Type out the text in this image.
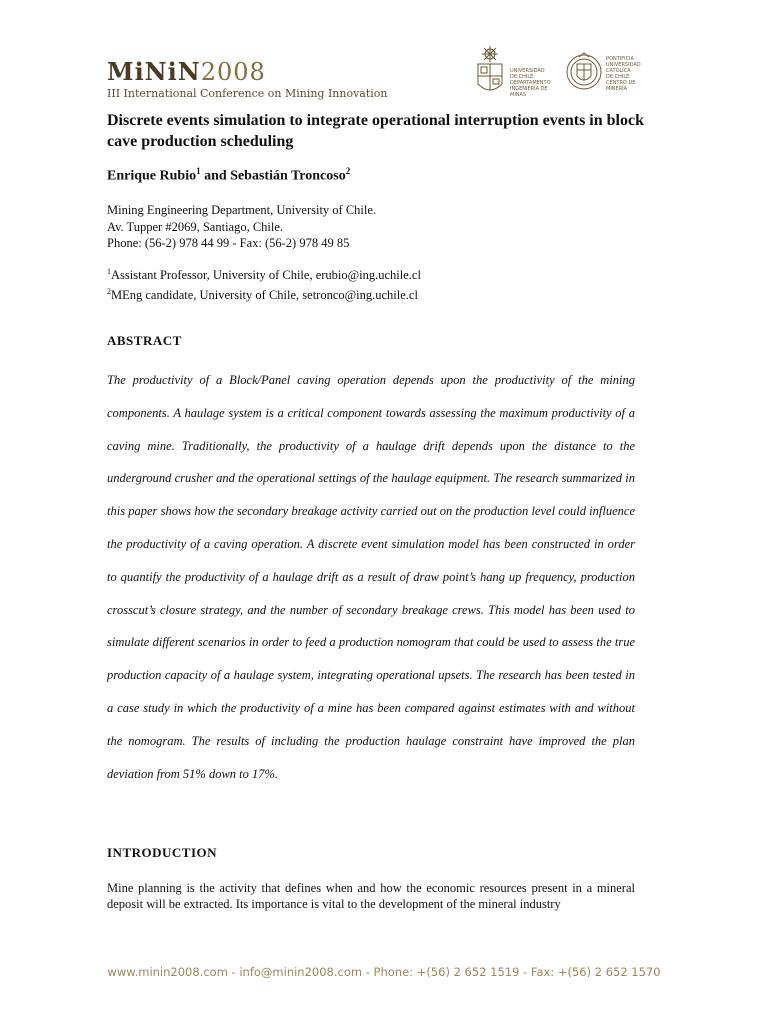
MiNiN2008
III International Conference on Mining Innovation
UNIVERSIDAD
DE CHILE
DEPARTAMENTO
INGENIERÍA DE MINAS
PONTIFICIA
UNIVERSIDAD
CATÓLICA
DE CHILE
CENTRO DE MINERÍA
Discrete events simulation to integrate operational interruption events in block cave production scheduling
Enrique Rubio$^1$ and Sebastián Troncoso$^2$
Mining Engineering Department, University of Chile.
Av. Tupper #2069, Santiago, Chile.
Phone: (56-2) 978 44 99 - Fax: (56-2) 978 49 85
$^1$Assistant Professor, University of Chile, erubio@ing.uchile.cl
$^2$MEng candidate, University of Chile, setronco@ing.uchile.cl
ABSTRACT
The productivity of a Block/Panel caving operation depends upon the productivity of the mining components. A haulage system is a critical component towards assessing the maximum productivity of a caving mine. Traditionally, the productivity of a haulage drift depends upon the distance to the underground crusher and the operational settings of the haulage equipment. The research summarized in this paper shows how the secondary breakage activity carried out on the production level could influence the productivity of a caving operation. A discrete event simulation model has been constructed in order to quantify the productivity of a haulage drift as a result of draw point’s hang up frequency, production crosscut’s closure strategy, and the number of secondary breakage crews. This model has been used to simulate different scenarios in order to feed a production nomogram that could be used to assess the true production capacity of a haulage system, integrating operational upsets. The research has been tested in a case study in which the productivity of a mine has been compared against estimates with and without the nomogram. The results of including the production haulage constraint have improved the plan deviation from 51% down to 17%.
INTRODUCTION
Mine planning is the activity that defines when and how the economic resources present in a mineral deposit will be extracted. Its importance is vital to the development of the mineral industry
www.minin2008.com - info@minin2008.com - Phone: +(56) 2 652 1519 - Fax: +(56) 2 652 1570
